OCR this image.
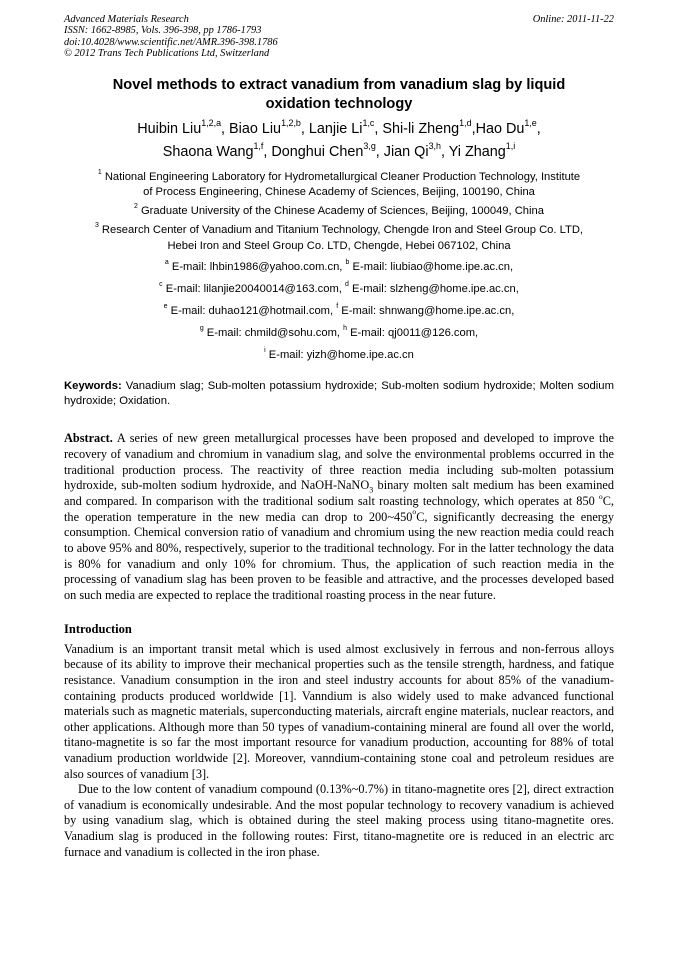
Advanced Materials Research
ISSN: 1662-8985, Vols. 396-398, pp 1786-1793
doi:10.4028/www.scientific.net/AMR.396-398.1786
© 2012 Trans Tech Publications Ltd, Switzerland
Online: 2011-11-22
Novel methods to extract vanadium from vanadium slag by liquid
oxidation technology
Huibin Liu$^{1,2,a}$, Biao Liu$^{1,2,b}$, Lanjie Li$^{1,c}$, Shi-li Zheng$^{1,d}$,Hao Du$^{1,e}$,
Shaona Wang$^{1,f}$, Donghui Chen$^{3,g}$, Jian Qi$^{3,h}$, Yi Zhang$^{1,i}$
$^1$ National Engineering Laboratory for Hydrometallurgical Cleaner Production Technology, Institute
of Process Engineering, Chinese Academy of Sciences, Beijing, 100190, China
$^2$ Graduate University of the Chinese Academy of Sciences, Beijing, 100049, China
$^3$ Research Center of Vanadium and Titanium Technology, Chengde Iron and Steel Group Co. LTD,
Hebei Iron and Steel Group Co. LTD, Chengde, Hebei 067102, China
$^a$ E-mail: lhbin1986@yahoo.com.cn, $^b$ E-mail: liubiao@home.ipe.ac.cn,
$^c$ E-mail: lilanjie20040014@163.com, $^d$ E-mail: slzheng@home.ipe.ac.cn,
$^e$ E-mail: duhao121@hotmail.com, $^f$ E-mail: shnwang@home.ipe.ac.cn,
$^g$ E-mail: chmild@sohu.com, $^h$ E-mail: qj0011@126.com,
$^i$ E-mail: yizh@home.ipe.ac.cn
Keywords: Vanadium slag; Sub-molten potassium hydroxide; Sub-molten sodium hydroxide; Molten sodium hydroxide; Oxidation.
Abstract. A series of new green metallurgical processes have been proposed and developed to improve the recovery of vanadium and chromium in vanadium slag, and solve the environmental problems occurred in the traditional production process. The reactivity of three reaction media including sub-molten potassium hydroxide, sub-molten sodium hydroxide, and NaOH-NaNO$_3$ binary molten salt medium has been examined and compared. In comparison with the traditional sodium salt roasting technology, which operates at 850 $^o$C, the operation temperature in the new media can drop to 200~450$^o$C, significantly decreasing the energy consumption. Chemical conversion ratio of vanadium and chromium using the new reaction media could reach to above 95% and 80%, respectively, superior to the traditional technology. For in the latter technology the data is 80% for vanadium and only 10% for chromium. Thus, the application of such reaction media in the processing of vanadium slag has been proven to be feasible and attractive, and the processes developed based on such media are expected to replace the traditional roasting process in the near future.
Introduction
Vanadium is an important transit metal which is used almost exclusively in ferrous and non-ferrous alloys because of its ability to improve their mechanical properties such as the tensile strength, hardness, and fatique resistance. Vanadium consumption in the iron and steel industry accounts for about 85% of the vanadium-containing products produced worldwide [1]. Vanndium is also widely used to make advanced functional materials such as magnetic materials, superconducting materials, aircraft engine materials, nuclear reactors, and other applications. Although more than 50 types of vanadium-containing mineral are found all over the world, titano-magnetite is so far the most important resource for vanadium production, accounting for 88% of total vanadium production worldwide [2]. Moreover, vanndium-containing stone coal and petroleum residues are also sources of vanadium [3].
Due to the low content of vanadium compound (0.13%~0.7%) in titano-magnetite ores [2], direct extraction of vanadium is economically undesirable. And the most popular technology to recovery vanadium is achieved by using vanadium slag, which is obtained during the steel making process using titano-magnetite ores. Vanadium slag is produced in the following routes: First, titano-magnetite ore is reduced in an electric arc furnace and vanadium is collected in the iron phase.
